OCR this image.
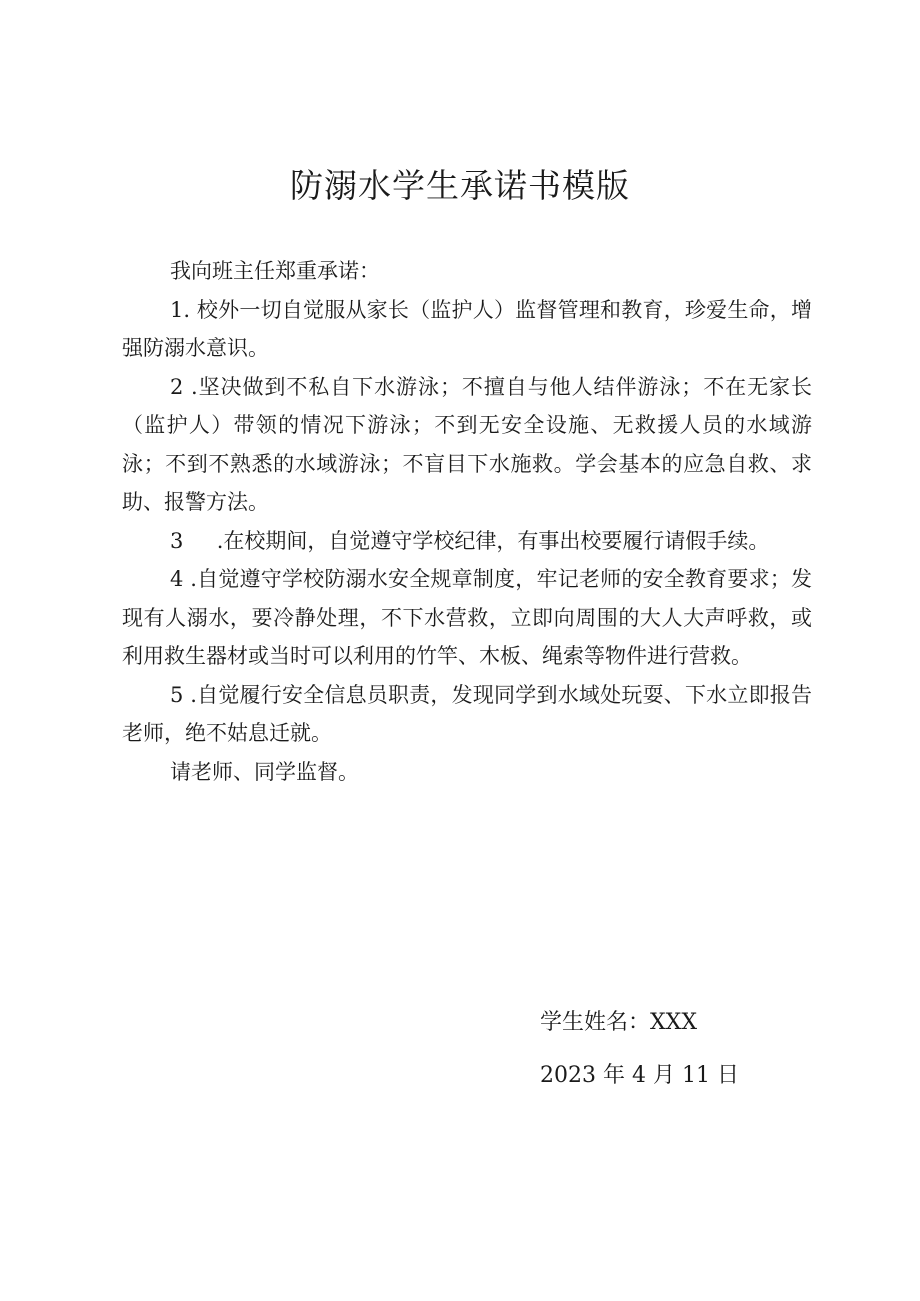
防溺水学生承诺书模版

我向班主任郑重承诺：

1. 校外一切自觉服从家长（监护人）监督管理和教育，珍爱生命，增强防溺水意识。

2 .坚决做到不私自下水游泳；不擅自与他人结伴游泳；不在无家长（监护人）带领的情况下游泳；不到无安全设施、无救援人员的水域游泳；不到不熟悉的水域游泳；不盲目下水施救。学会基本的应急自救、求助、报警方法。

3     .在校期间，自觉遵守学校纪律，有事出校要履行请假手续。

4 .自觉遵守学校防溺水安全规章制度，牢记老师的安全教育要求；发现有人溺水，要冷静处理，不下水营救，立即向周围的大人大声呼救，或利用救生器材或当时可以利用的竹竿、木板、绳索等物件进行营救。

5 .自觉履行安全信息员职责，发现同学到水域处玩耍、下水立即报告老师，绝不姑息迁就。

请老师、同学监督。

学生姓名：XXX
2023 年 4 月 11 日
